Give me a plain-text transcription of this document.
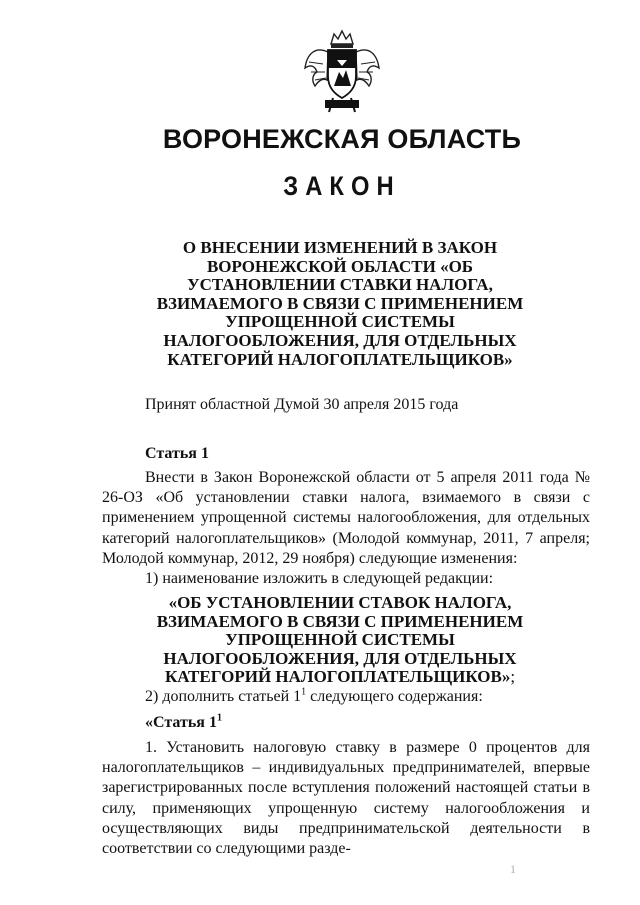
ВОРОНЕЖСКАЯ ОБЛАСТЬ
ЗАКОН
О ВНЕСЕНИИ ИЗМЕНЕНИЙ В ЗАКОН
ВОРОНЕЖСКОЙ ОБЛАСТИ «ОБ
УСТАНОВЛЕНИИ СТАВКИ НАЛОГА,
ВЗИМАЕМОГО В СВЯЗИ С ПРИМЕНЕНИЕМ
УПРОЩЕННОЙ СИСТЕМЫ
НАЛОГООБЛОЖЕНИЯ, ДЛЯ ОТДЕЛЬНЫХ
КАТЕГОРИЙ НАЛОГОПЛАТЕЛЬЩИКОВ»
Принят областной Думой 30 апреля 2015 года
Статья 1
Внести в Закон Воронежской области от 5 апреля 2011 года № 26-ОЗ «Об установлении ставки налога, взимаемого в связи с применением упрощенной системы налогообложения, для отдельных категорий налогоплательщиков» (Молодой коммунар, 2011, 7 апреля; Молодой коммунар, 2012, 29 ноября) следующие изменения:
1) наименование изложить в следующей редакции:
«ОБ УСТАНОВЛЕНИИ СТАВОК НАЛОГА,
ВЗИМАЕМОГО В СВЯЗИ С ПРИМЕНЕНИЕМ
УПРОЩЕННОЙ СИСТЕМЫ
НАЛОГООБЛОЖЕНИЯ, ДЛЯ ОТДЕЛЬНЫХ
КАТЕГОРИЙ НАЛОГОПЛАТЕЛЬЩИКОВ»;
2) дополнить статьей $1^1$ следующего содержания:
«Статья $1^1$
1. Установить налоговую ставку в размере 0 процентов для налогоплательщиков – индивидуальных предпринимателей, впервые зарегистрированных после вступления положений настоящей статьи в силу, применяющих упрощенную систему налогообложения и осуществляющих виды предпринимательской деятельности в соответствии со следующими разде-
1
